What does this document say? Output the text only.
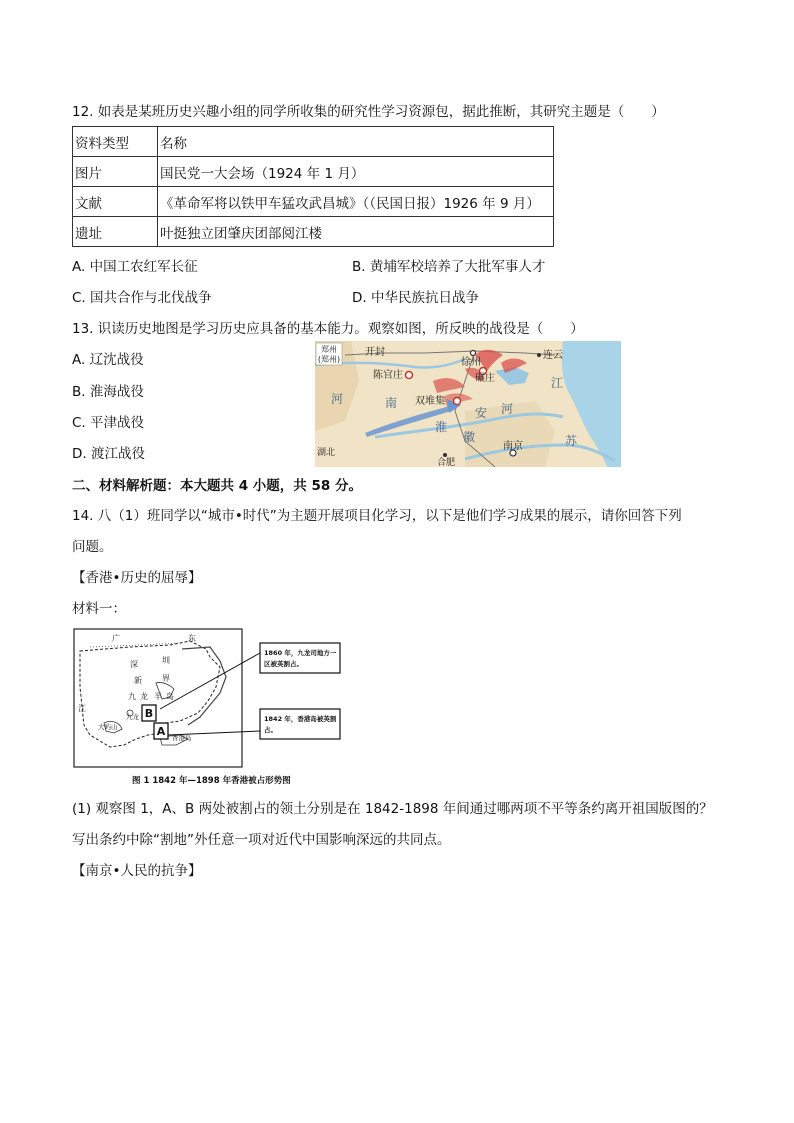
12. 如表是某班历史兴趣小组的同学所收集的研究性学习资源包，据此推断，其研究主题是（　　）
资料类型	名称
图片	国民党一大会场（1924 年 1 月）
文献	《革命军将以铁甲车猛攻武昌城》（（民国日报）1926 年 9 月）
遗址	叶挺独立团肇庆团部阅江楼
A. 中国工农红军长征	B. 黄埔军校培养了大批军事人才
C. 国共合作与北伐战争	D. 中华民族抗日战争
13. 识读历史地图是学习历史应具备的基本能力。观察如图，所反映的战役是（　　）
A. 辽沈战役
B. 淮海战役
C. 平津战役
D. 渡江战役
郑州
(郑州)
开封
徐州
连云
陈官庄	碾庄	江
河	南 双堆集
安 河
淮
苏
徽
南京
湖北
合肥
二、材料解析题：本大题共 4 小题，共 58 分。
14. 八（1）班同学以“城市•时代”为主题开展项目化学习，以下是他们学习成果的展示，请你回答下列
问题。
【香港•历史的屈辱】
材料一：
B
A
1860 年，九龙司地方一
区被英割占。
1842 年，香港岛被英割
占。
广	东
深	圳
新	界
九 龙 半 岛
江
九龙
大屿山
香港岛
图 1 1842 年—1898 年香港被占形势图
(1) 观察图 1，A、B 两处被割占的领土分别是在 1842-1898 年间通过哪两项不平等条约离开祖国版图的？
写出条约中除“割地”外任意一项对近代中国影响深远的共同点。
【南京•人民的抗争】
